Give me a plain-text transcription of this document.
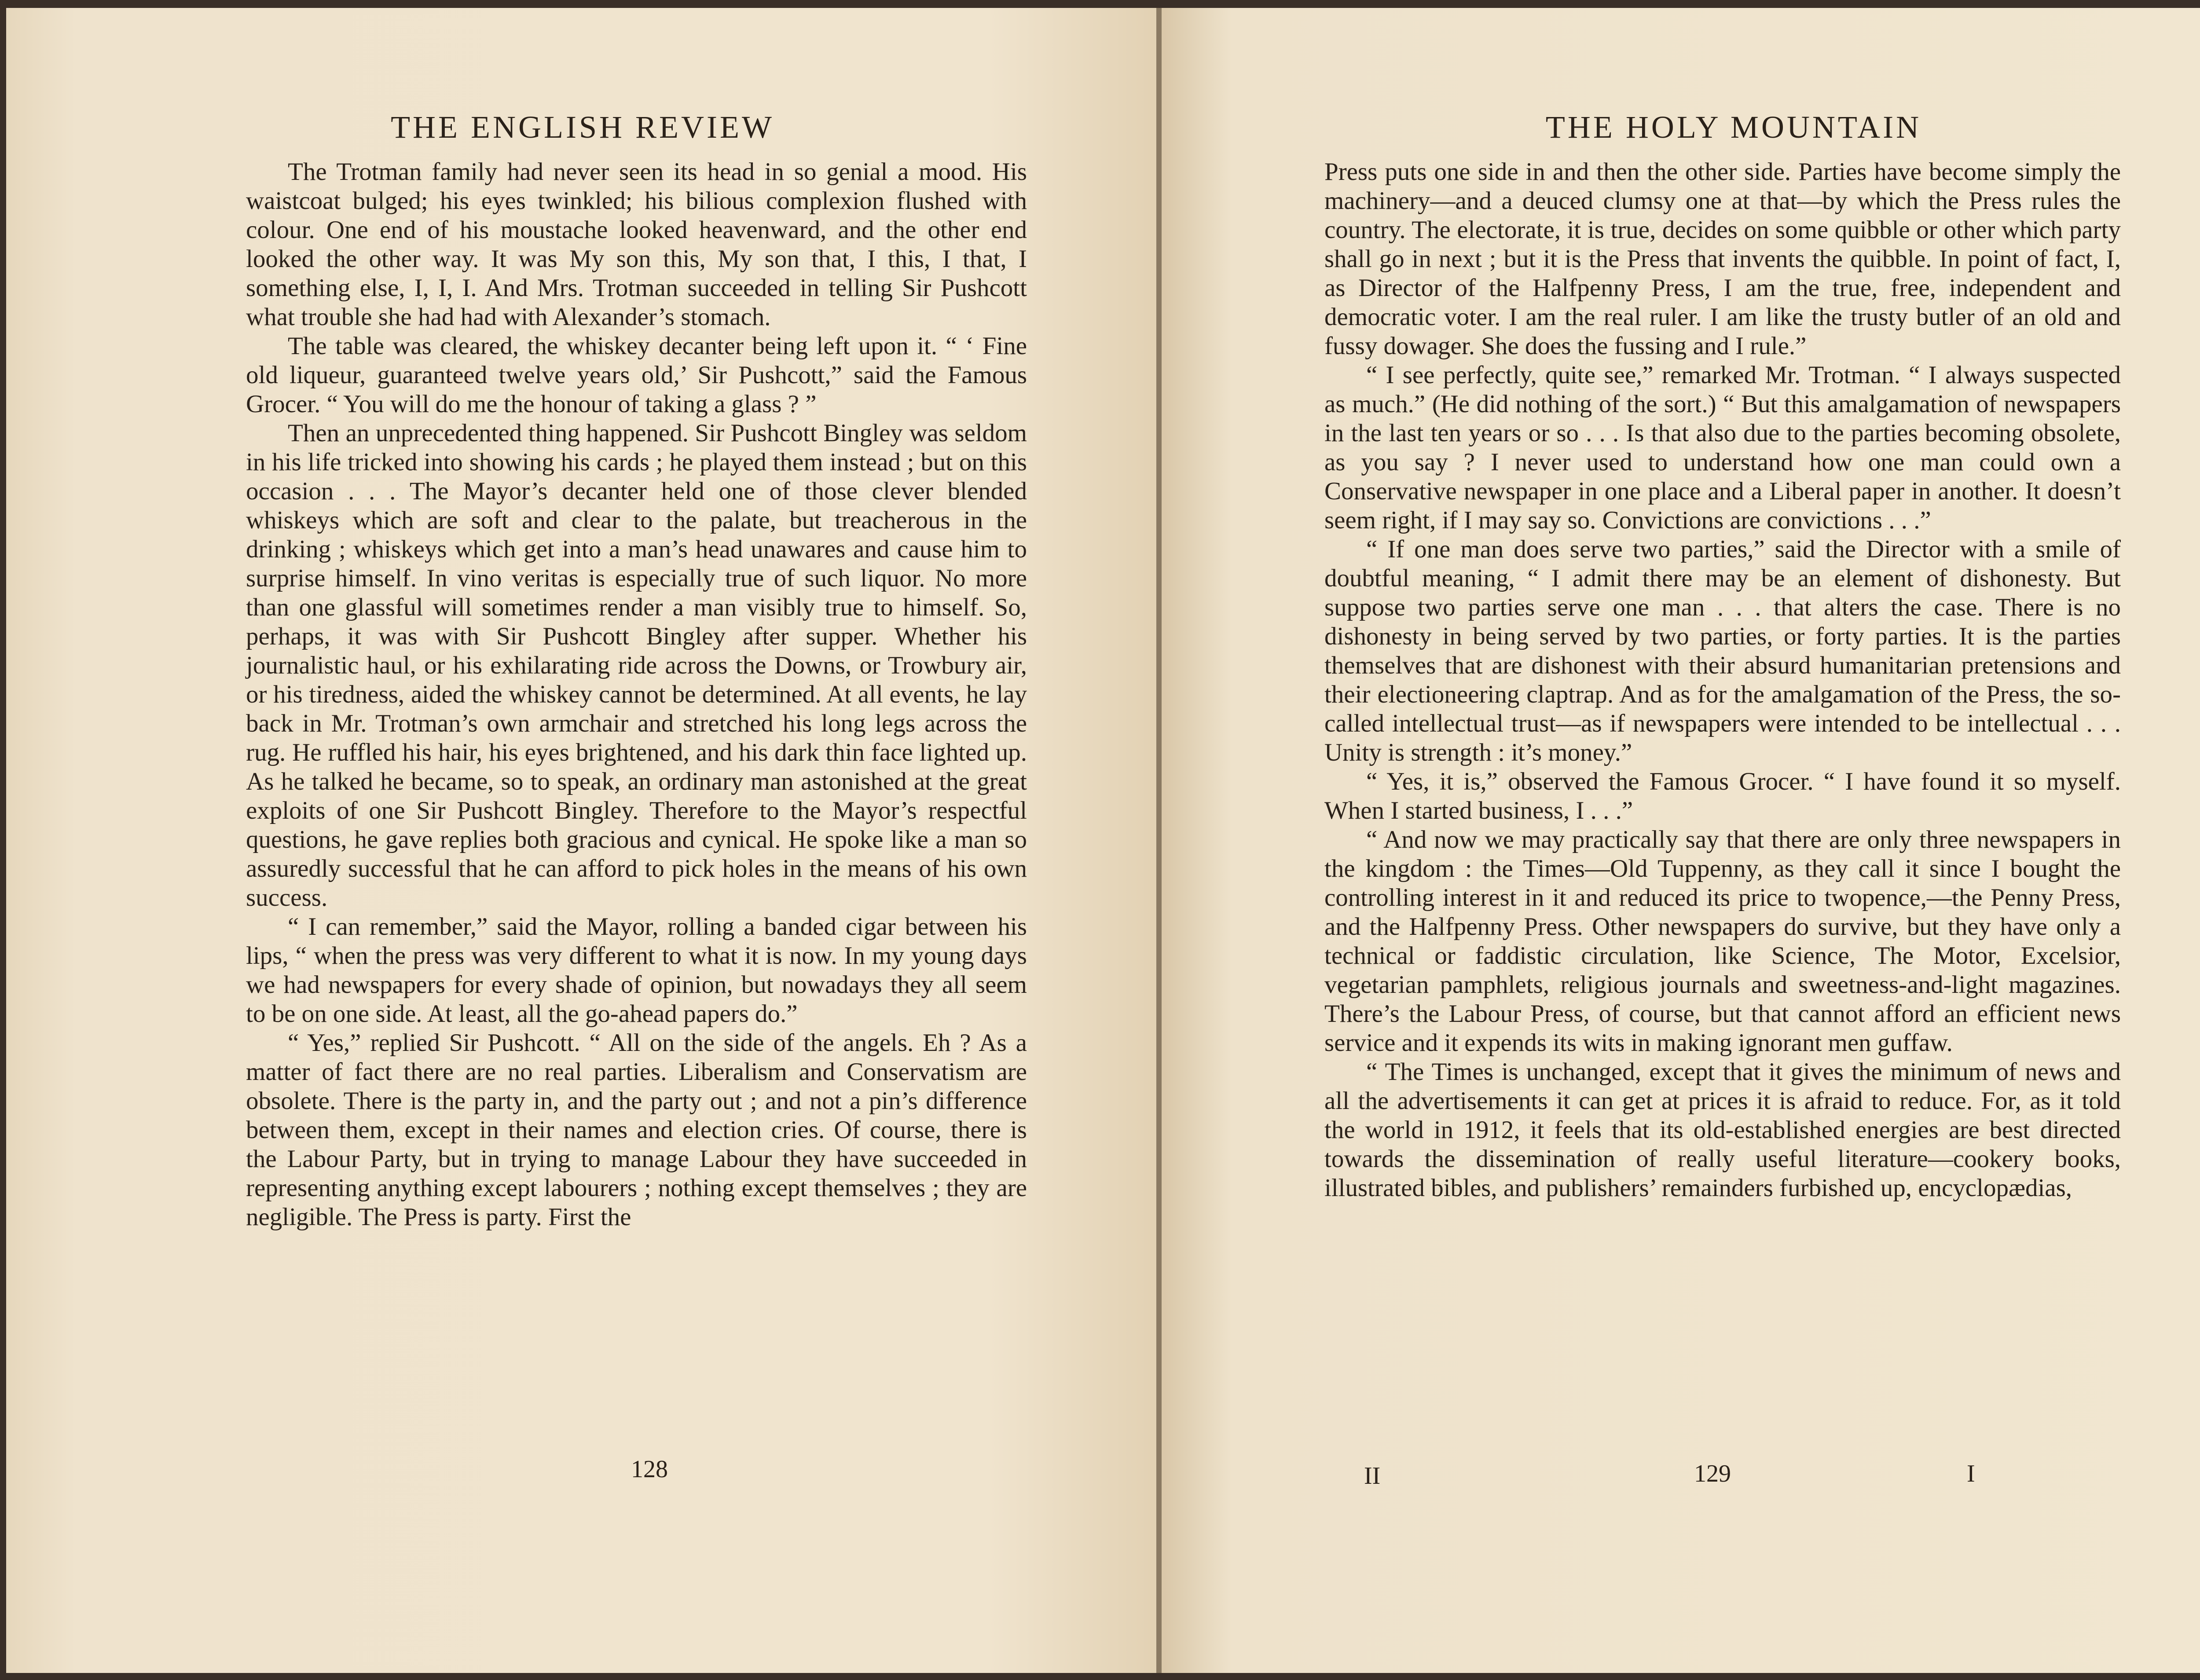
THE ENGLISH REVIEW

The Trotman family had never seen its head in so genial a mood. His waistcoat bulged; his eyes twinkled; his bilious complexion flushed with colour. One end of his moustache looked heavenward, and the other end looked the other way. It was My son this, My son that, I this, I that, I something else, I, I, I. And Mrs. Trotman succeeded in telling Sir Pushcott what trouble she had had with Alexander’s stomach.

The table was cleared, the whiskey decanter being left upon it. “ ‘ Fine old liqueur, guaranteed twelve years old,’ Sir Pushcott,” said the Famous Grocer. “ You will do me the honour of taking a glass ? ”

Then an unprecedented thing happened. Sir Pushcott Bingley was seldom in his life tricked into showing his cards ; he played them instead ; but on this occasion . . . The Mayor’s decanter held one of those clever blended whiskeys which are soft and clear to the palate, but treacherous in the drinking ; whiskeys which get into a man’s head unawares and cause him to surprise himself. In vino veritas is especially true of such liquor. No more than one glassful will sometimes render a man visibly true to himself. So, perhaps, it was with Sir Pushcott Bingley after supper. Whether his journalistic haul, or his exhilarating ride across the Downs, or Trowbury air, or his tiredness, aided the whiskey cannot be determined. At all events, he lay back in Mr. Trotman’s own armchair and stretched his long legs across the rug. He ruffled his hair, his eyes brightened, and his dark thin face lighted up. As he talked he became, so to speak, an ordinary man astonished at the great exploits of one Sir Pushcott Bingley. Therefore to the Mayor’s respectful questions, he gave replies both gracious and cynical. He spoke like a man so assuredly successful that he can afford to pick holes in the means of his own success.

“ I can remember,” said the Mayor, rolling a banded cigar between his lips, “ when the press was very different to what it is now. In my young days we had newspapers for every shade of opinion, but nowadays they all seem to be on one side. At least, all the go-ahead papers do.”

“ Yes,” replied Sir Pushcott. “ All on the side of the angels. Eh ? As a matter of fact there are no real parties. Liberalism and Conservatism are obsolete. There is the party in, and the party out ; and not a pin’s difference between them, except in their names and election cries. Of course, there is the Labour Party, but in trying to manage Labour they have succeeded in representing anything except labourers ; nothing except themselves ; they are negligible. The Press is party. First the

128
THE HOLY MOUNTAIN

Press puts one side in and then the other side. Parties have become simply the machinery—and a deuced clumsy one at that—by which the Press rules the country. The electorate, it is true, decides on some quibble or other which party shall go in next ; but it is the Press that invents the quibble. In point of fact, I, as Director of the Halfpenny Press, I am the true, free, independent and democratic voter. I am the real ruler. I am like the trusty butler of an old and fussy dowager. She does the fussing and I rule.”

“ I see perfectly, quite see,” remarked Mr. Trotman. “ I always suspected as much.” (He did nothing of the sort.) “ But this amalgamation of newspapers in the last ten years or so . . . Is that also due to the parties becoming obsolete, as you say ? I never used to understand how one man could own a Conservative newspaper in one place and a Liberal paper in another. It doesn’t seem right, if I may say so. Convictions are convictions . . .”

“ If one man does serve two parties,” said the Director with a smile of doubtful meaning, “ I admit there may be an element of dishonesty. But suppose two parties serve one man . . . that alters the case. There is no dishonesty in being served by two parties, or forty parties. It is the parties themselves that are dishonest with their absurd humanitarian pretensions and their electioneering claptrap. And as for the amalgamation of the Press, the so-called intellectual trust—as if newspapers were intended to be intellectual . . . Unity is strength : it’s money.”

“ Yes, it is,” observed the Famous Grocer. “ I have found it so myself. When I started business, I . . .”

“ And now we may practically say that there are only three newspapers in the kingdom : the Times—Old Tuppenny, as they call it since I bought the controlling interest in it and reduced its price to twopence,—the Penny Press, and the Halfpenny Press. Other newspapers do survive, but they have only a technical or faddistic circulation, like Science, The Motor, Excelsior, vegetarian pamphlets, religious journals and sweetness-and-light magazines. There’s the Labour Press, of course, but that cannot afford an efficient news service and it expends its wits in making ignorant men guffaw.

“ The Times is unchanged, except that it gives the minimum of news and all the advertisements it can get at prices it is afraid to reduce. For, as it told the world in 1912, it feels that its old-established energies are best directed towards the dissemination of really useful literature—cookery books, illustrated bibles, and publishers’ remainders furbished up, encyclopædias,

II	129	I
